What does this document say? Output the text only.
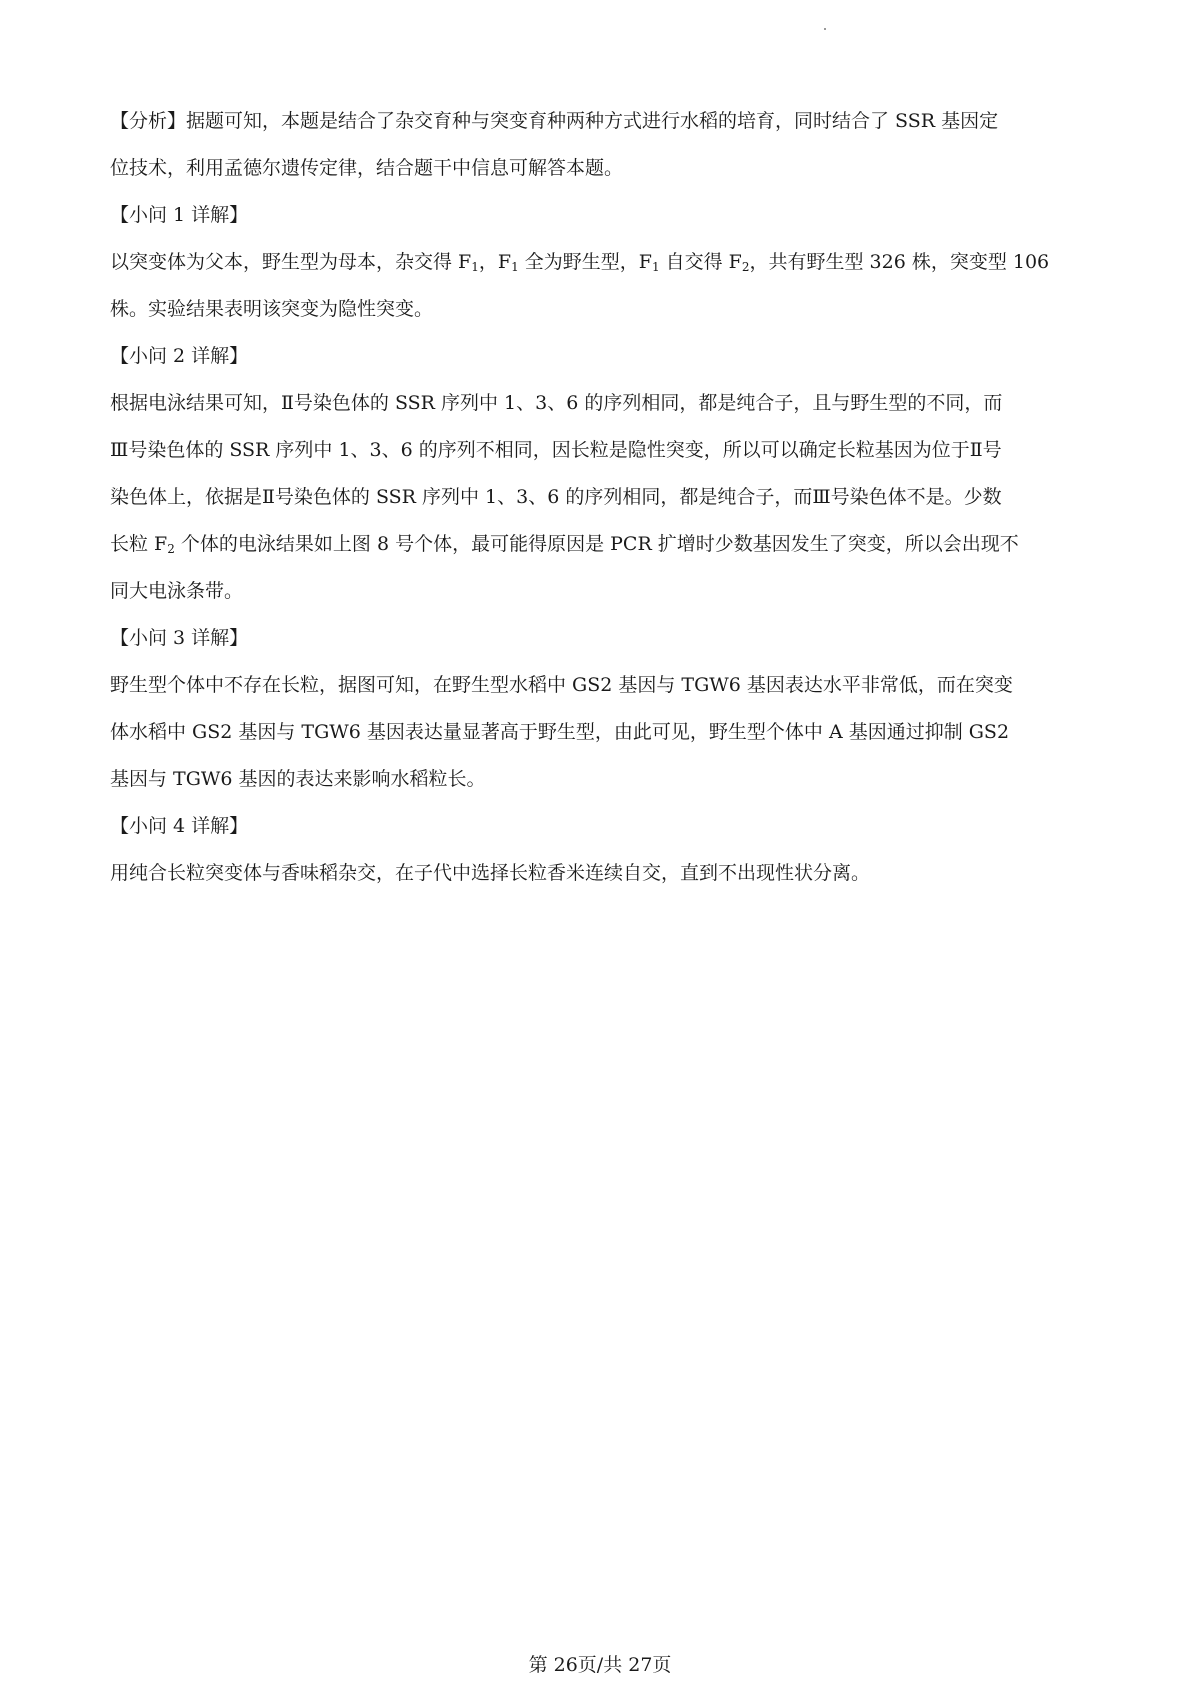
【分析】据题可知，本题是结合了杂交育种与突变育种两种方式进行水稻的培育，同时结合了 SSR 基因定

位技术，利用孟德尔遗传定律，结合题干中信息可解答本题。

【小问 1 详解】

以突变体为父本，野生型为母本，杂交得 $F_1$，$F_1$ 全为野生型，$F_1$ 自交得 $F_2$，共有野生型 326 株，突变型 106

株。实验结果表明该突变为隐性突变。

【小问 2 详解】

根据电泳结果可知，Ⅱ号染色体的 SSR 序列中 1、3、6 的序列相同，都是纯合子，且与野生型的不同，而

Ⅲ号染色体的 SSR 序列中 1、3、6 的序列不相同，因长粒是隐性突变，所以可以确定长粒基因为位于Ⅱ号

染色体上，依据是Ⅱ号染色体的 SSR 序列中 1、3、6 的序列相同，都是纯合子，而Ⅲ号染色体不是。少数

长粒 $F_2$ 个体的电泳结果如上图 8 号个体，最可能得原因是 PCR 扩增时少数基因发生了突变，所以会出现不

同大电泳条带。

【小问 3 详解】

野生型个体中不存在长粒，据图可知，在野生型水稻中 GS2 基因与 TGW6 基因表达水平非常低，而在突变

体水稻中 GS2 基因与 TGW6 基因表达量显著高于野生型，由此可见，野生型个体中 A 基因通过抑制 GS2

基因与 TGW6 基因的表达来影响水稻粒长。

【小问 4 详解】

用纯合长粒突变体与香味稻杂交，在子代中选择长粒香米连续自交，直到不出现性状分离。

第 26页/共 27页
